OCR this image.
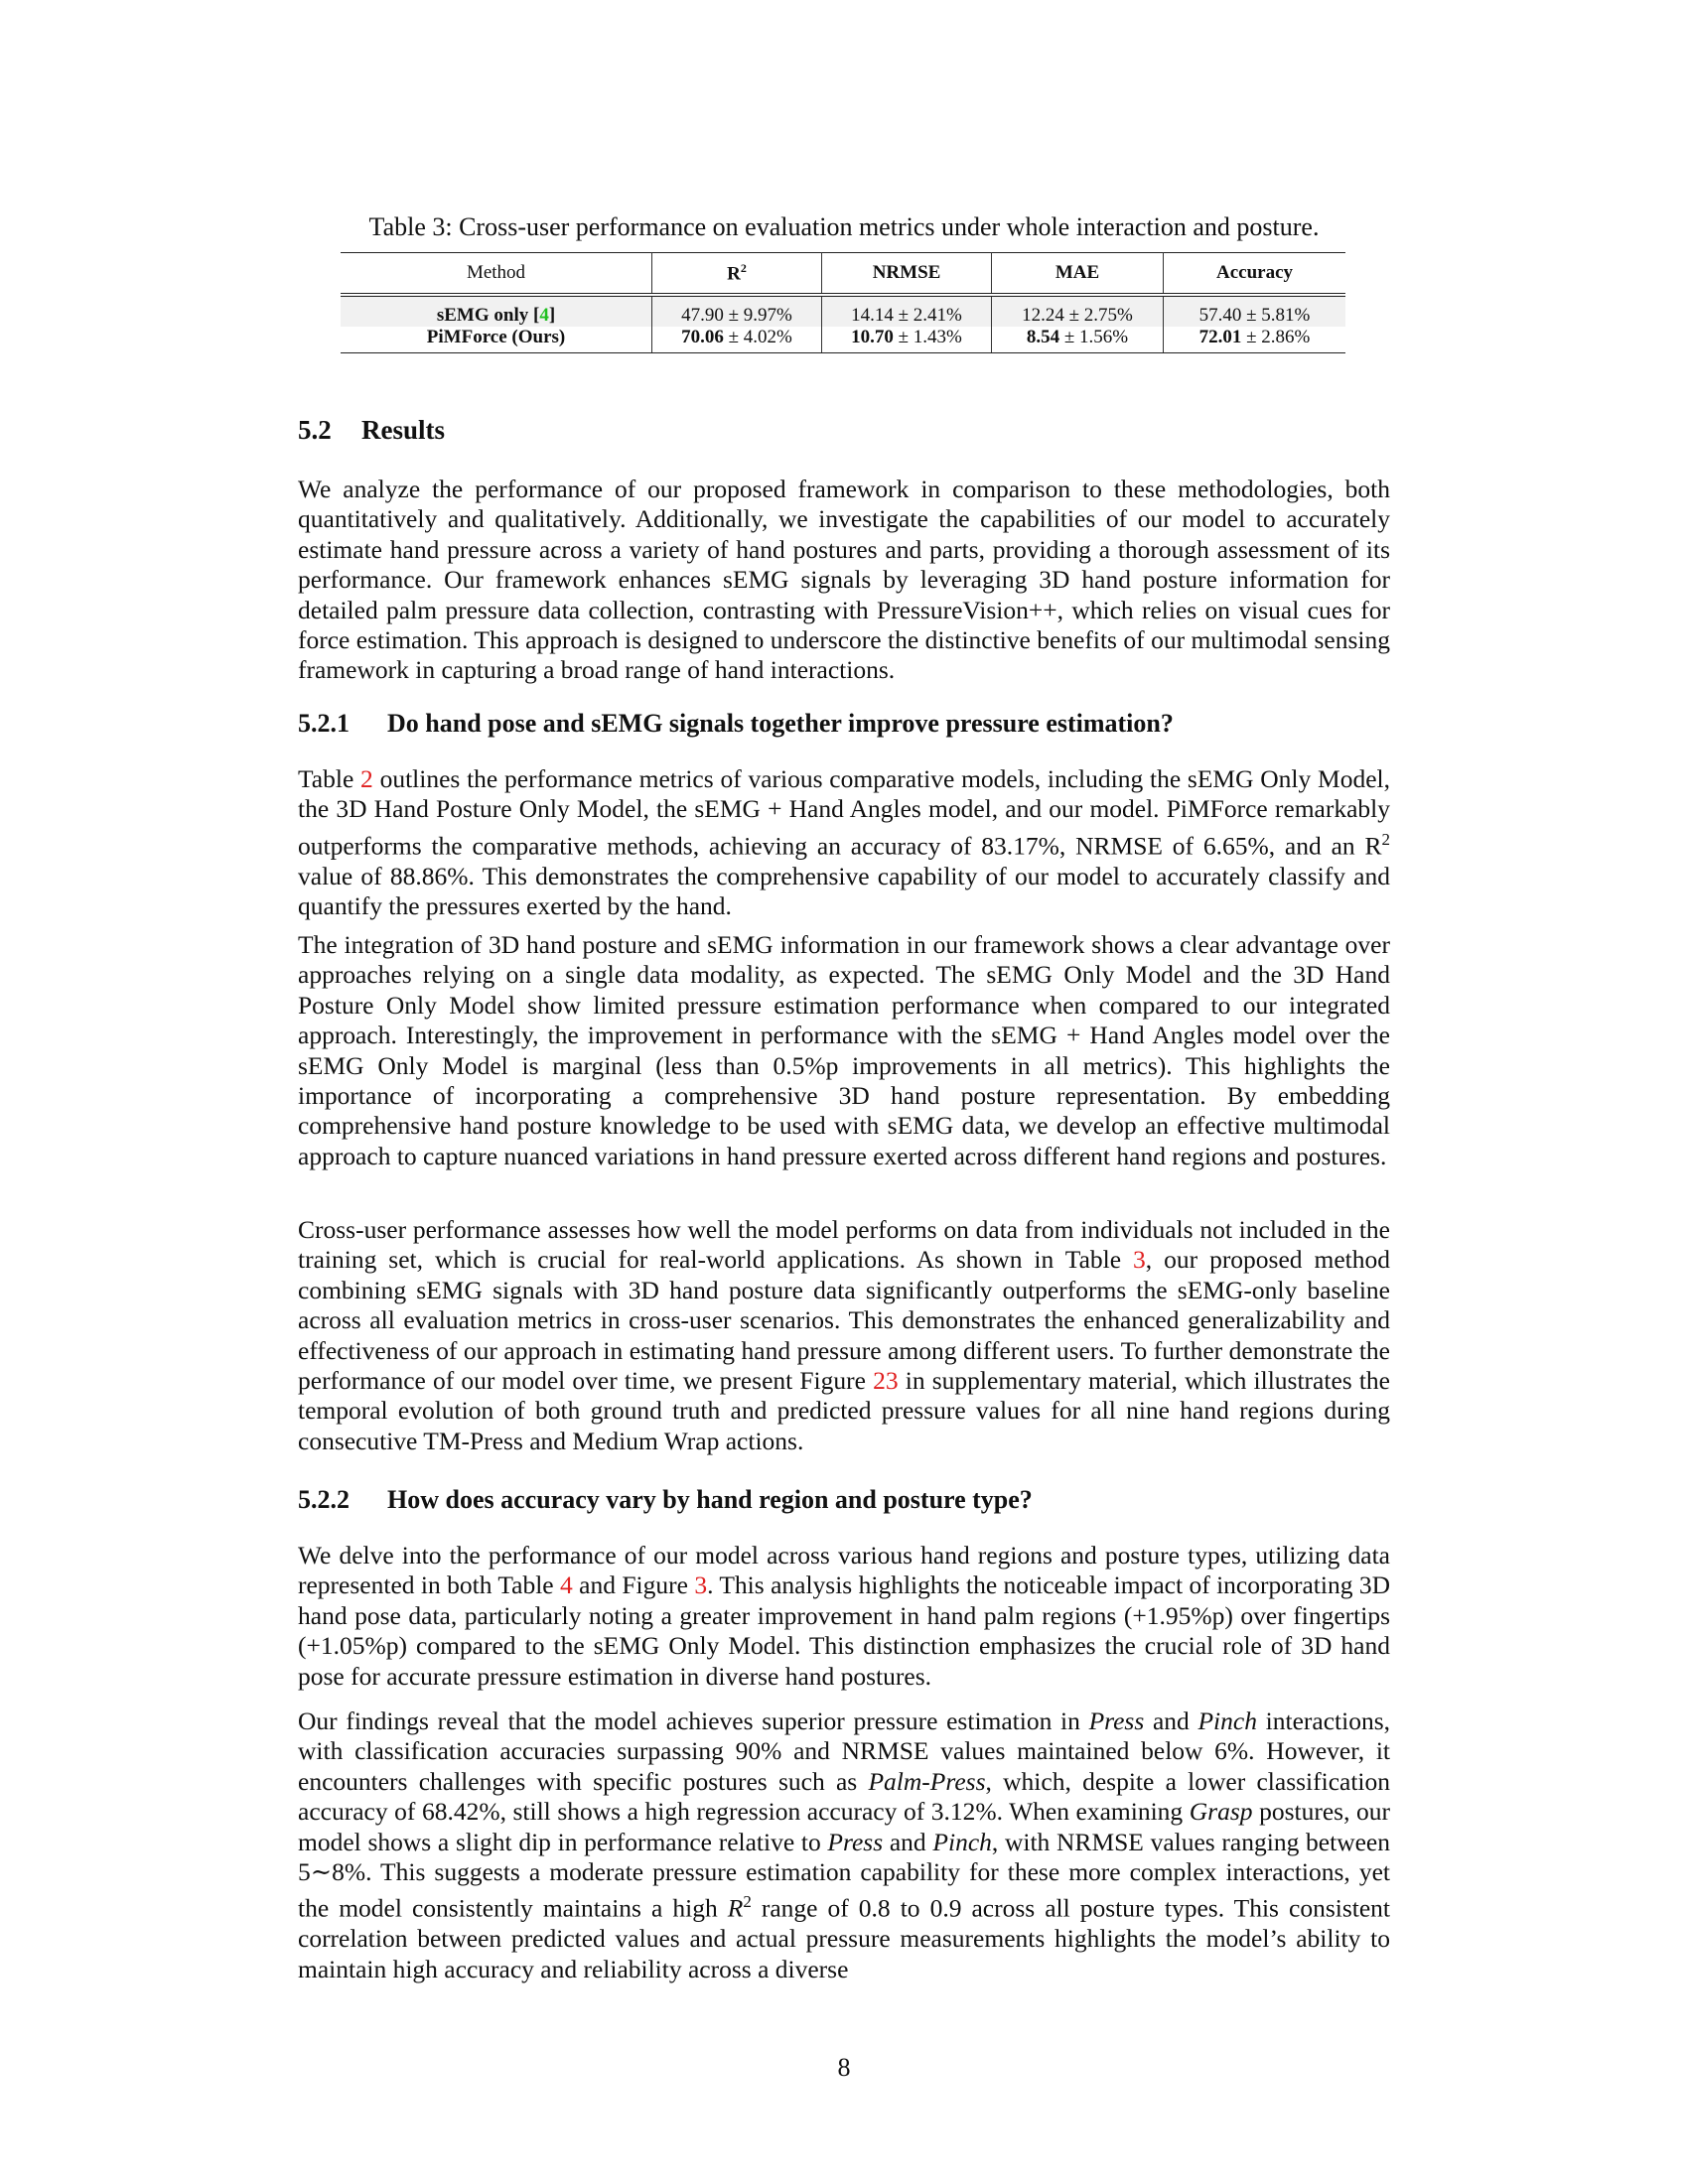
Table 3: Cross-user performance on evaluation metrics under whole interaction and posture.
Method	$R^2$	NRMSE	MAE	Accuracy
sEMG only [4]	47.90 ± 9.97%	14.14 ± 2.41%	12.24 ± 2.75%	57.40 ± 5.81%
PiMForce (Ours)	70.06 ± 4.02%	10.70 ± 1.43%	8.54 ± 1.56%	72.01 ± 2.86%
5.2 Results

We analyze the performance of our proposed framework in comparison to these methodologies, both quantitatively and qualitatively. Additionally, we investigate the capabilities of our model to accurately estimate hand pressure across a variety of hand postures and parts, providing a thorough assessment of its performance. Our framework enhances sEMG signals by leveraging 3D hand posture information for detailed palm pressure data collection, contrasting with PressureVision++, which relies on visual cues for force estimation. This approach is designed to underscore the distinctive benefits of our multimodal sensing framework in capturing a broad range of hand interactions.

5.2.1 Do hand pose and sEMG signals together improve pressure estimation?

Table 2 outlines the performance metrics of various comparative models, including the sEMG Only Model, the 3D Hand Posture Only Model, the sEMG + Hand Angles model, and our model. PiMForce remarkably outperforms the comparative methods, achieving an accuracy of 83.17%, NRMSE of 6.65%, and an $R^2$ value of 88.86%. This demonstrates the comprehensive capability of our model to accurately classify and quantify the pressures exerted by the hand.

The integration of 3D hand posture and sEMG information in our framework shows a clear advantage over approaches relying on a single data modality, as expected. The sEMG Only Model and the 3D Hand Posture Only Model show limited pressure estimation performance when compared to our integrated approach. Interestingly, the improvement in performance with the sEMG + Hand Angles model over the sEMG Only Model is marginal (less than 0.5%p improvements in all metrics). This highlights the importance of incorporating a comprehensive 3D hand posture representation. By embedding comprehensive hand posture knowledge to be used with sEMG data, we develop an effective multimodal approach to capture nuanced variations in hand pressure exerted across different hand regions and postures.

Cross-user performance assesses how well the model performs on data from individuals not included in the training set, which is crucial for real-world applications. As shown in Table 3, our proposed method combining sEMG signals with 3D hand posture data significantly outperforms the sEMG-only baseline across all evaluation metrics in cross-user scenarios. This demonstrates the enhanced generalizability and effectiveness of our approach in estimating hand pressure among different users. To further demonstrate the performance of our model over time, we present Figure 23 in supplementary material, which illustrates the temporal evolution of both ground truth and predicted pressure values for all nine hand regions during consecutive TM-Press and Medium Wrap actions.

5.2.2 How does accuracy vary by hand region and posture type?

We delve into the performance of our model across various hand regions and posture types, utilizing data represented in both Table 4 and Figure 3. This analysis highlights the noticeable impact of incorporating 3D hand pose data, particularly noting a greater improvement in hand palm regions (+1.95%p) over fingertips (+1.05%p) compared to the sEMG Only Model. This distinction emphasizes the crucial role of 3D hand pose for accurate pressure estimation in diverse hand postures.

Our findings reveal that the model achieves superior pressure estimation in Press and Pinch interactions, with classification accuracies surpassing 90% and NRMSE values maintained below 6%. However, it encounters challenges with specific postures such as Palm-Press, which, despite a lower classification accuracy of 68.42%, still shows a high regression accuracy of 3.12%. When examining Grasp postures, our model shows a slight dip in performance relative to Press and Pinch, with NRMSE values ranging between 5∼8%. This suggests a moderate pressure estimation capability for these more complex interactions, yet the model consistently maintains a high $R^2$ range of 0.8 to 0.9 across all posture types. This consistent correlation between predicted values and actual pressure measurements highlights the model’s ability to maintain high accuracy and reliability across a diverse

8
